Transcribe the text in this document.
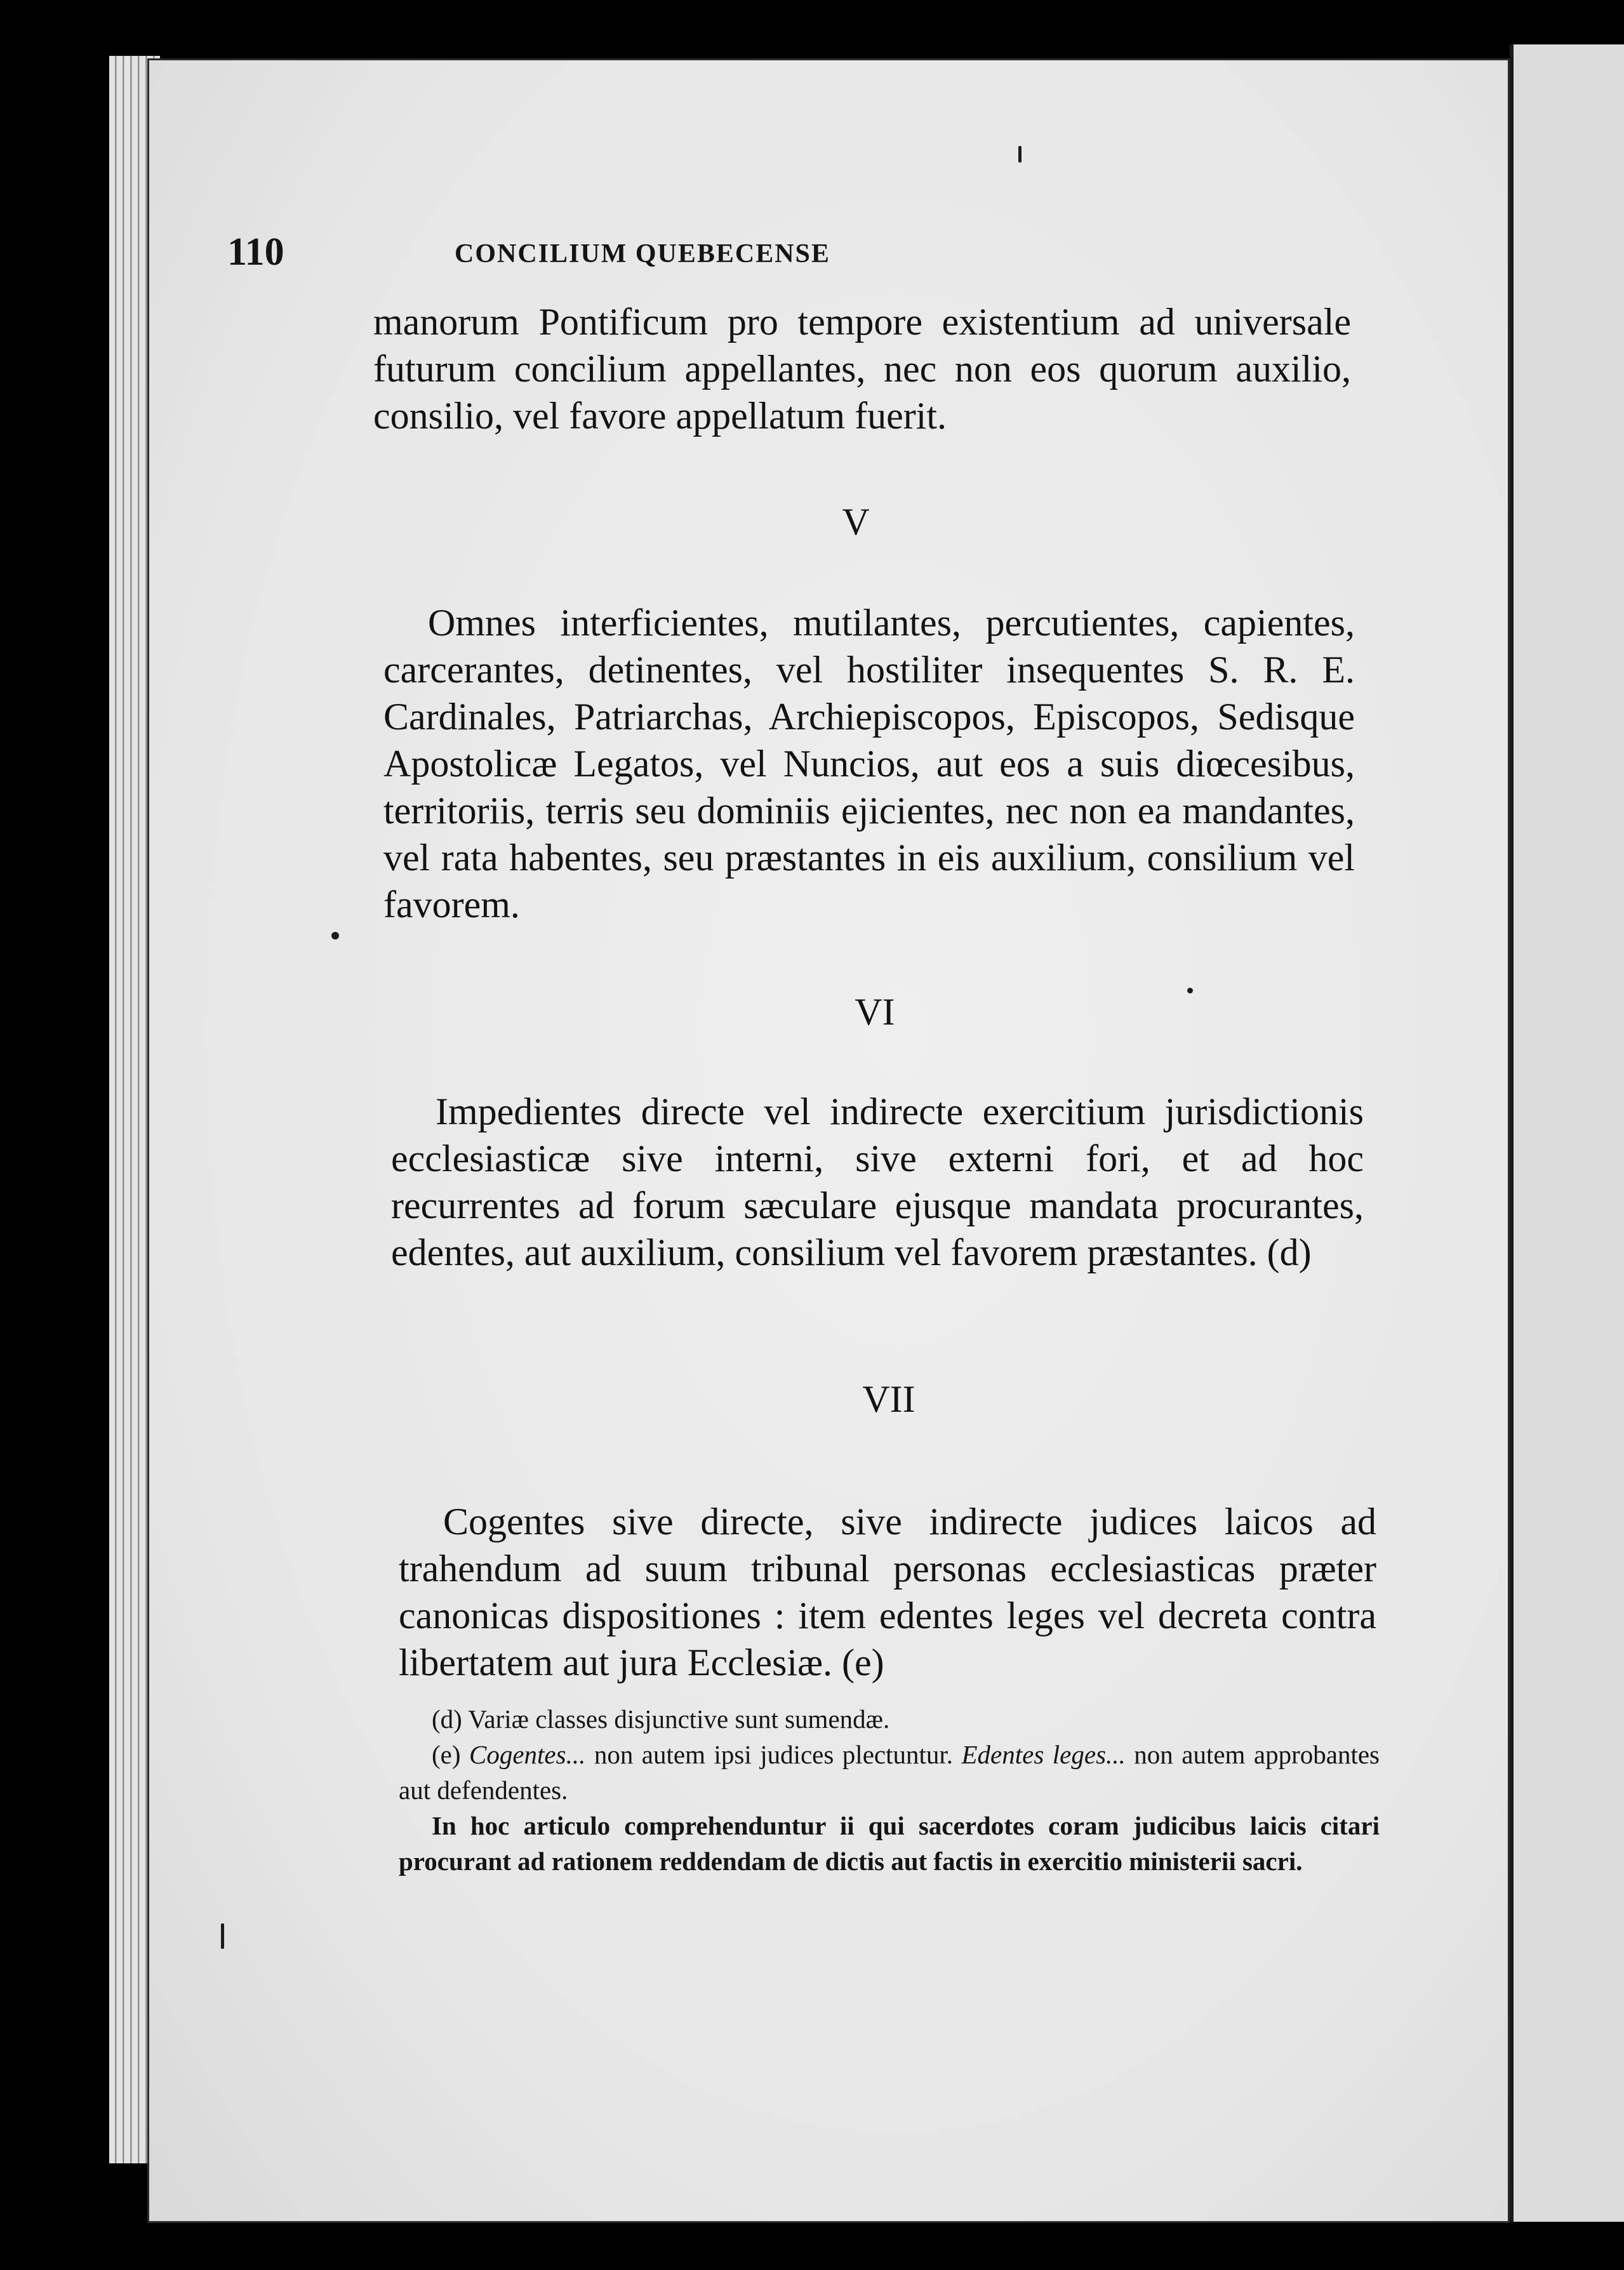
110	CONCILIUM QUEBECENSE

manorum Pontificum pro tempore existentium ad universale futurum concilium appellantes, nec non eos quorum auxilio, consilio, vel favore appellatum fuerit.

V

Omnes interficientes, mutilantes, percutientes, capientes, carcerantes, detinentes, vel hostiliter insequentes S. R. E. Cardinales, Patriarchas, Archiepiscopos, Episcopos, Sedisque Apostolicæ Legatos, vel Nuncios, aut eos a suis diœcesibus, territoriis, terris seu dominiis ejicientes, nec non ea mandantes, vel rata habentes, seu præstantes in eis auxilium, consilium vel favorem.

VI

Impedientes directe vel indirecte exercitium jurisdictionis ecclesiasticæ sive interni, sive externi fori, et ad hoc recurrentes ad forum sæculare ejusque mandata procurantes, edentes, aut auxilium, consilium vel favorem præstantes. (d)

VII

Cogentes sive directe, sive indirecte judices laicos ad trahendum ad suum tribunal personas ecclesiasticas præter canonicas dispositiones : item edentes leges vel decreta contra libertatem aut jura Ecclesiæ. (e)

(d) Variæ classes disjunctive sunt sumendæ.

(e) Cogentes... non autem ipsi judices plectuntur. Edentes leges... non autem approbantes aut defendentes.

In hoc articulo comprehenduntur ii qui sacerdotes coram judicibus laicis citari procurant ad rationem reddendam de dictis aut factis in exercitio ministerii sacri.
